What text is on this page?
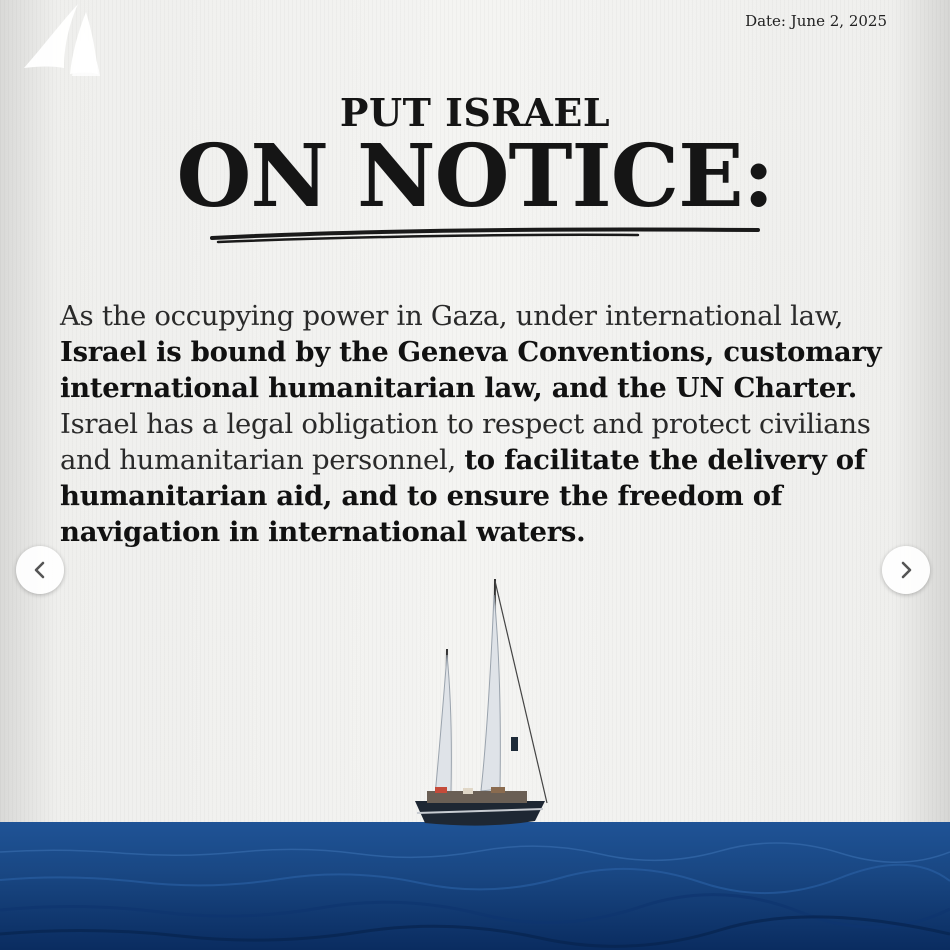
Date: June 2, 2025
PUT ISRAEL
ON NOTICE:
As the occupying power in Gaza, under international law, Israel is bound by the Geneva Conventions, customary international humanitarian law, and the UN Charter. Israel has a legal obligation to respect and protect civilians and humanitarian personnel, to facilitate the delivery of humanitarian aid, and to ensure the freedom of navigation in international waters.
